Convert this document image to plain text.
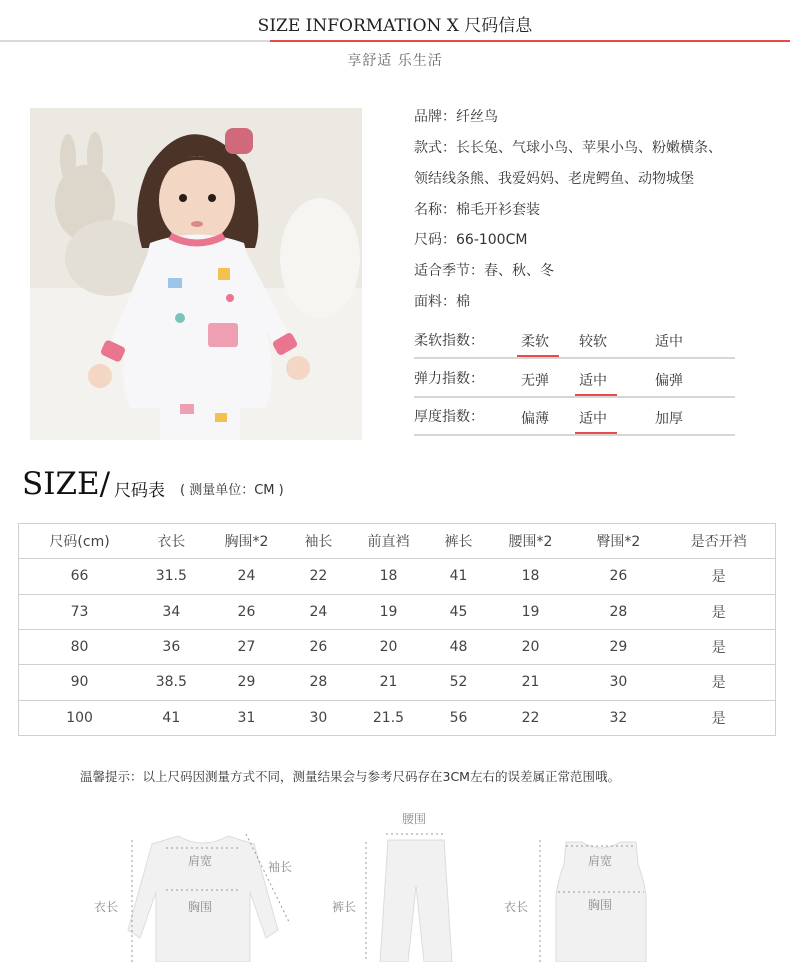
SIZE INFORMATION X 尺码信息
享舒适 乐生活
品牌：纤丝鸟
款式：长长兔、气球小鸟、苹果小鸟、粉嫩横条、
领结线条熊、我爱妈妈、老虎鳄鱼、动物城堡
名称：棉毛开衫套装
尺码：66-100CM
适合季节：春、秋、冬
面料：棉
柔软指数：	柔软 较软	适中
弹力指数：	无弹 适中	偏弹
厚度指数：	偏薄 适中	加厚
SIZE/ 尺码表 ( 测量单位：CM )
尺码(cm)	衣长	胸围*2	袖长	前直裆	裤长	腰围*2	臀围*2	是否开裆
66	31.5	24	22	18	41	18	26	是
73	34	26	24	19	45	19	28	是
80	36	27	26	20	48	20	29	是
90	38.5	29	28	21	52	21	30	是
100	41	31	30	21.5	56	22	32	是
温馨提示：以上尺码因测量方式不同，测量结果会与参考尺码存在3CM左右的误差属正常范围哦。
衣长
肩宽	袖长
胸围
腰围
裤长	衣长
肩宽
胸围
